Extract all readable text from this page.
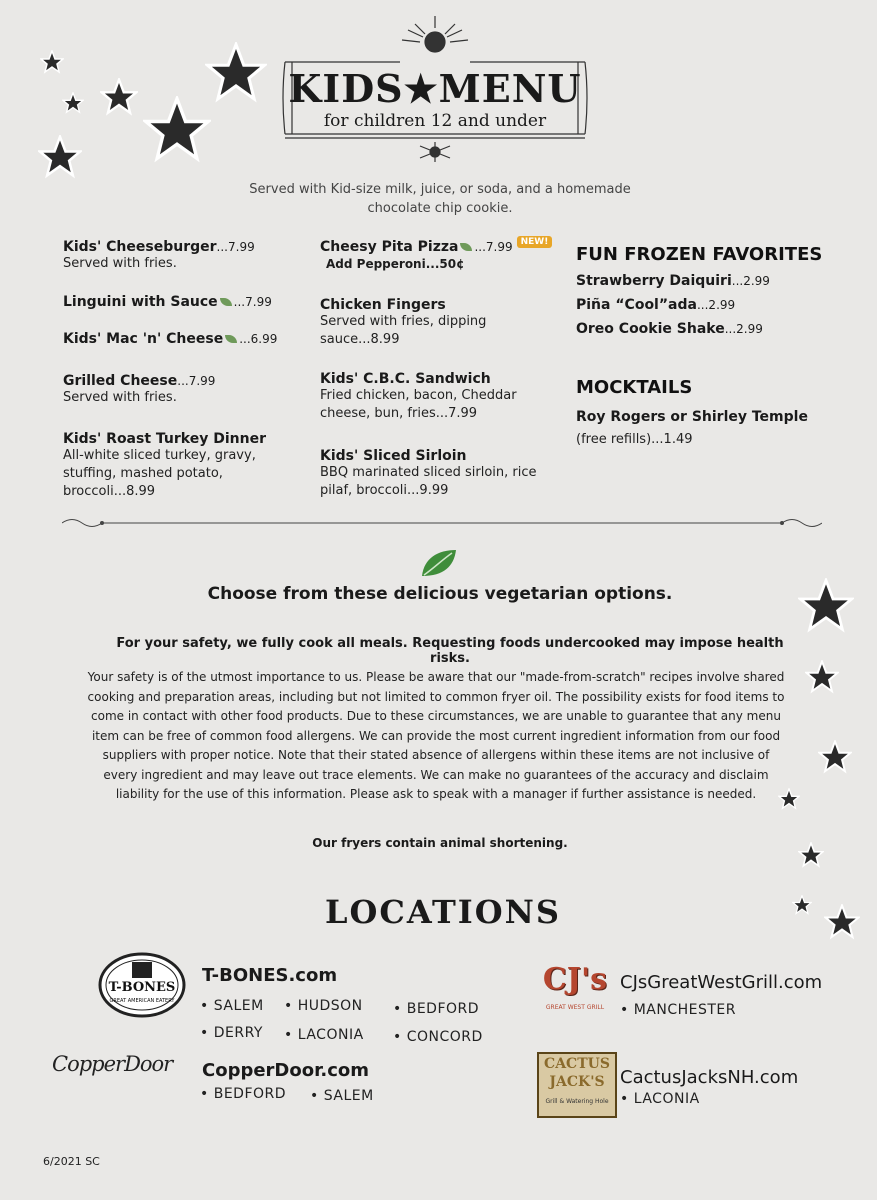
KIDS★MENU
for children 12 and under
Served with Kid-size milk, juice, or soda, and a homemade chocolate chip cookie.
Kids' Cheeseburger...7.99
Served with fries.
Linguini with Sauce ...7.99
Kids' Mac 'n' Cheese ...6.99
Grilled Cheese...7.99
Served with fries.
Kids' Roast Turkey Dinner
All-white sliced turkey, gravy, stuffing, mashed potato, broccoli...8.99
Cheesy Pita Pizza ...7.99 NEW!
Add Pepperoni...50¢
Chicken Fingers
Served with fries, dipping sauce...8.99
Kids' C.B.C. Sandwich
Fried chicken, bacon, Cheddar cheese, bun, fries...7.99
Kids' Sliced Sirloin
BBQ marinated sliced sirloin, rice pilaf, broccoli...9.99
FUN FROZEN FAVORITES
Strawberry Daiquiri...2.99
Piña “Cool”ada...2.99
Oreo Cookie Shake...2.99
MOCKTAILS
Roy Rogers or Shirley Temple
(free refills)...1.49
Choose from these delicious vegetarian options.
For your safety, we fully cook all meals. Requesting foods undercooked may impose health risks.
Your safety is of the utmost importance to us. Please be aware that our "made-from-scratch" recipes involve shared cooking and preparation areas, including but not limited to common fryer oil. The possibility exists for food items to come in contact with other food products. Due to these circumstances, we are unable to guarantee that any menu item can be free of common food allergens. We can provide the most current ingredient information from our food suppliers with proper notice. Note that their stated absence of allergens within these items are not inclusive of every ingredient and may leave out trace elements. We can make no guarantees of the accuracy and disclaim liability for the use of this information. Please ask to speak with a manager if further assistance is needed.
Our fryers contain animal shortening.
LOCATIONS
T-BONES
GREAT AMERICAN EATERY
T-BONES.com
• SALEM • HUDSON • BEDFORD
• DERRY • LACONIA • CONCORD
CopperDoor CopperDoor.com
• BEDFORD • SALEM
CJ's
GREAT WEST GRILL
CJsGreatWestGrill.com
• MANCHESTER
CACTUS
JACK'S
Grill & Watering Hole
CactusJacksNH.com
• LACONIA
6/2021 SC
